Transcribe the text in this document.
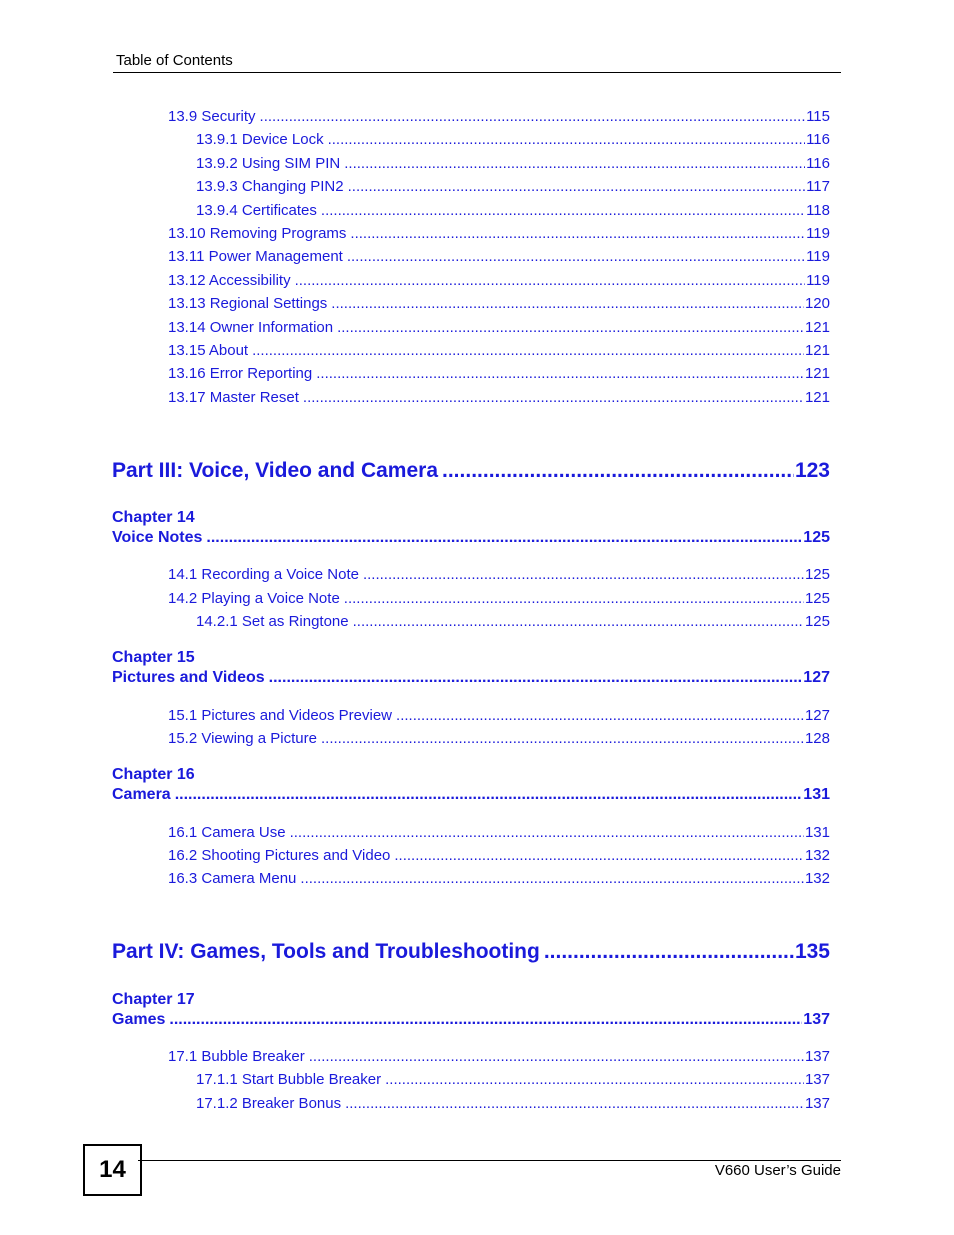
Table of Contents
13.9 Security .....	115
13.9.1 Device Lock .....	116
13.9.2 Using SIM PIN .....	116
13.9.3 Changing PIN2 .....	117
13.9.4 Certificates .....	118
13.10 Removing Programs .....	119
13.11 Power Management .....	119
13.12 Accessibility .....	119
13.13 Regional Settings .....	120
13.14 Owner Information .....	121
13.15 About .....	121
13.16 Error Reporting .....	121
13.17 Master Reset .....	121
Part III: Voice, Video and Camera .....	123
Chapter 14
Voice Notes .....	125
14.1 Recording a Voice Note .....	125
14.2 Playing a Voice Note .....	125
14.2.1 Set as Ringtone .....	125
Chapter 15
Pictures and Videos .....	127
15.1 Pictures and Videos Preview .....	127
15.2 Viewing a Picture .....	128
Chapter 16
Camera .....	131
16.1 Camera Use .....	131
16.2 Shooting Pictures and Video .....	132
16.3 Camera Menu .....	132
Part IV: Games, Tools and Troubleshooting .....	135
Chapter 17
Games .....	137
17.1 Bubble Breaker .....	137
17.1.1 Start Bubble Breaker .....	137
17.1.2 Breaker Bonus .....	137
14	V660 User’s Guide
